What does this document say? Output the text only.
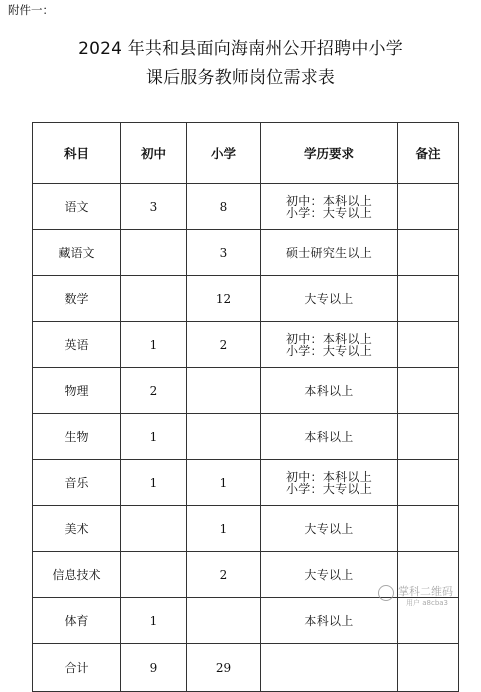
附件一：
2024 年共和县面向海南州公开招聘中小学
课后服务教师岗位需求表
科目	初中	小学	学历要求	备注
语文	3	8	初中：本科以上
小学：大专以上	

藏语文		3	硕士研究生以上	

数学		12	大专以上	

英语	1	2	初中：本科以上
小学：大专以上	

物理	2		本科以上	

生物	1		本科以上	

音乐	1	1	初中：本科以上
小学：大专以上	

美术		1	大专以上	

信息技术		2	大专以上	

体育	1		本科以上	

合计	9	29		
掌科二维码
用户 a8cba3
